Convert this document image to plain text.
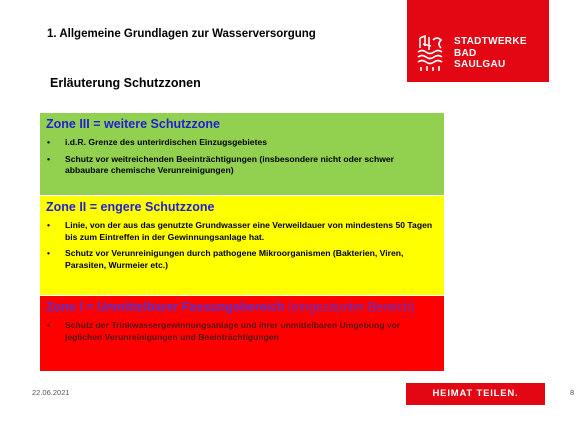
1. Allgemeine Grundlagen zur Wasserversorgung
STADTWERKE
BAD
SAULGAU
Erläuterung Schutzzonen
Zone III = weitere Schutzzone
• i.d.R. Grenze des unterirdischen Einzugsgebietes
• Schutz vor weitreichenden Beeinträchtigungen (insbesondere nicht oder schwer abbaubare chemische Verunreinigungen)
Zone II = engere Schutzzone
• Linie, von der aus das genutzte Grundwasser eine Verweildauer von mindestens 50 Tagen bis zum Eintreffen in der Gewinnungsanlage hat.
• Schutz vor Verunreinigungen durch pathogene Mikroorganismen (Bakterien, Viren, Parasiten, Wurmeier etc.)
Zone I = Unmittelbarer Fassungsbereich (eingezäunter Bereich)
• Schutz der Trinkwassergewinnungsanlage und ihrer unmittelbaren Umgebung vor jeglichen Verunreinigungen und Beeinträchtigungen
22.06.2021	HEIMAT TEILEN.	8
